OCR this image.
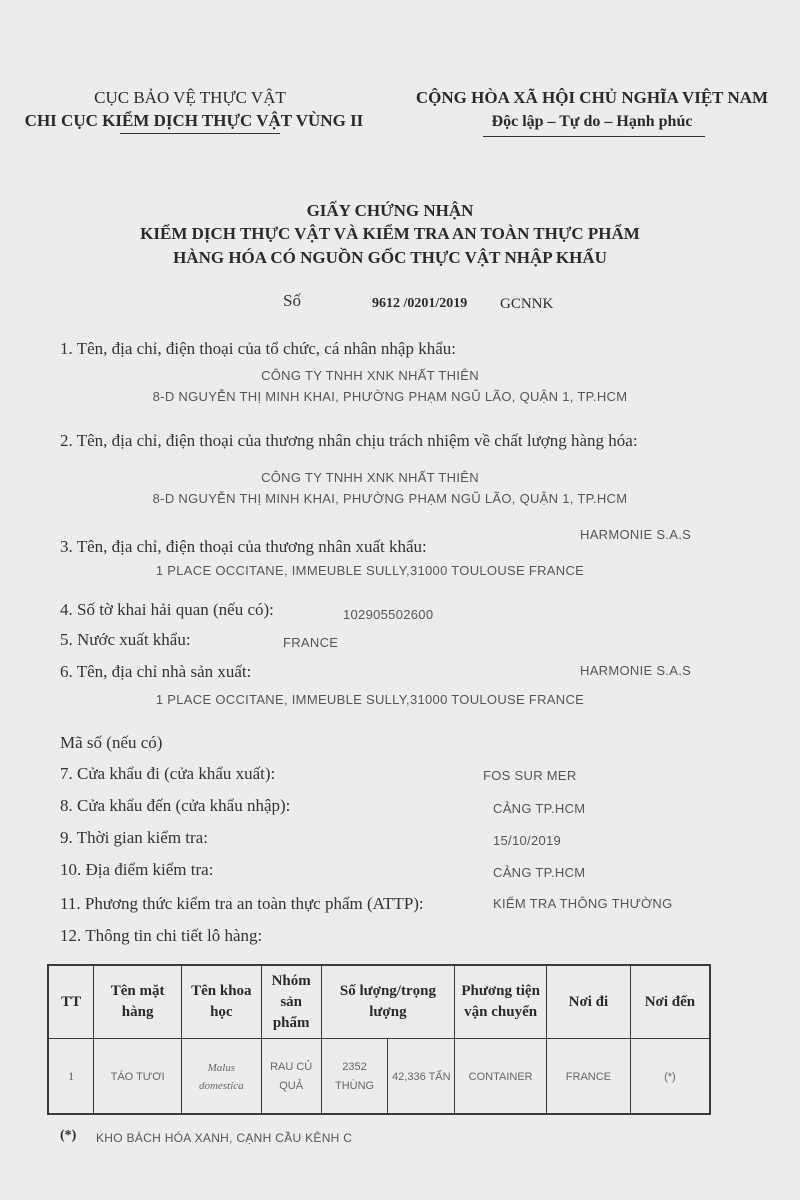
CỤC BẢO VỆ THỰC VẬT
CHI CỤC KIỂM DỊCH THỰC VẬT VÙNG II
CỘNG HÒA XÃ HỘI CHỦ NGHĨA VIỆT NAM
Độc lập – Tự do – Hạnh phúc
GIẤY CHỨNG NHẬN
KIỂM DỊCH THỰC VẬT VÀ KIỂM TRA AN TOÀN THỰC PHẨM
HÀNG HÓA CÓ NGUỒN GỐC THỰC VẬT NHẬP KHẨU
Số	9612 /0201/2019 GCNNK
1. Tên, địa chỉ, điện thoại của tổ chức, cá nhân nhập khẩu:
CÔNG TY TNHH XNK NHẤT THIÊN
8-D NGUYỄN THỊ MINH KHAI, PHƯỜNG PHẠM NGŨ LÃO, QUẬN 1, TP.HCM
2. Tên, địa chỉ, điện thoại của thương nhân chịu trách nhiệm về chất lượng hàng hóa:
CÔNG TY TNHH XNK NHẤT THIÊN
8-D NGUYỄN THỊ MINH KHAI, PHƯỜNG PHẠM NGŨ LÃO, QUẬN 1, TP.HCM
HARMONIE S.A.S
3. Tên, địa chỉ, điện thoại của thương nhân xuất khẩu:
1 PLACE OCCITANE, IMMEUBLE SULLY,31000 TOULOUSE FRANCE
4. Số tờ khai hải quan (nếu có):	102905502600
5. Nước xuất khẩu:	FRANCE
6. Tên, địa chỉ nhà sản xuất:	HARMONIE S.A.S
1 PLACE OCCITANE, IMMEUBLE SULLY,31000 TOULOUSE FRANCE
Mã số (nếu có)
7. Cửa khẩu đi (cửa khẩu xuất):	FOS SUR MER
8. Cửa khẩu đến (cửa khẩu nhập):	CẢNG TP.HCM
9. Thời gian kiểm tra:	15/10/2019
10. Địa điểm kiểm tra:	CẢNG TP.HCM
11. Phương thức kiểm tra an toàn thực phẩm (ATTP):	KIỂM TRA THÔNG THƯỜNG
12. Thông tin chi tiết lô hàng:
TT	Tên mặt hàng	Tên khoa học	Nhóm sản phẩm	Số lượng/trọng lượng		Phương tiện vận chuyển	Nơi đi	Nơi đến
1	TÁO TƯƠI	Malus domestica	RAU CỦ QUẢ	2352 THÙNG	42,336 TẤN	CONTAINER	FRANCE	(*)
(*) KHO BÁCH HÓA XANH, CẠNH CẦU KÊNH C
